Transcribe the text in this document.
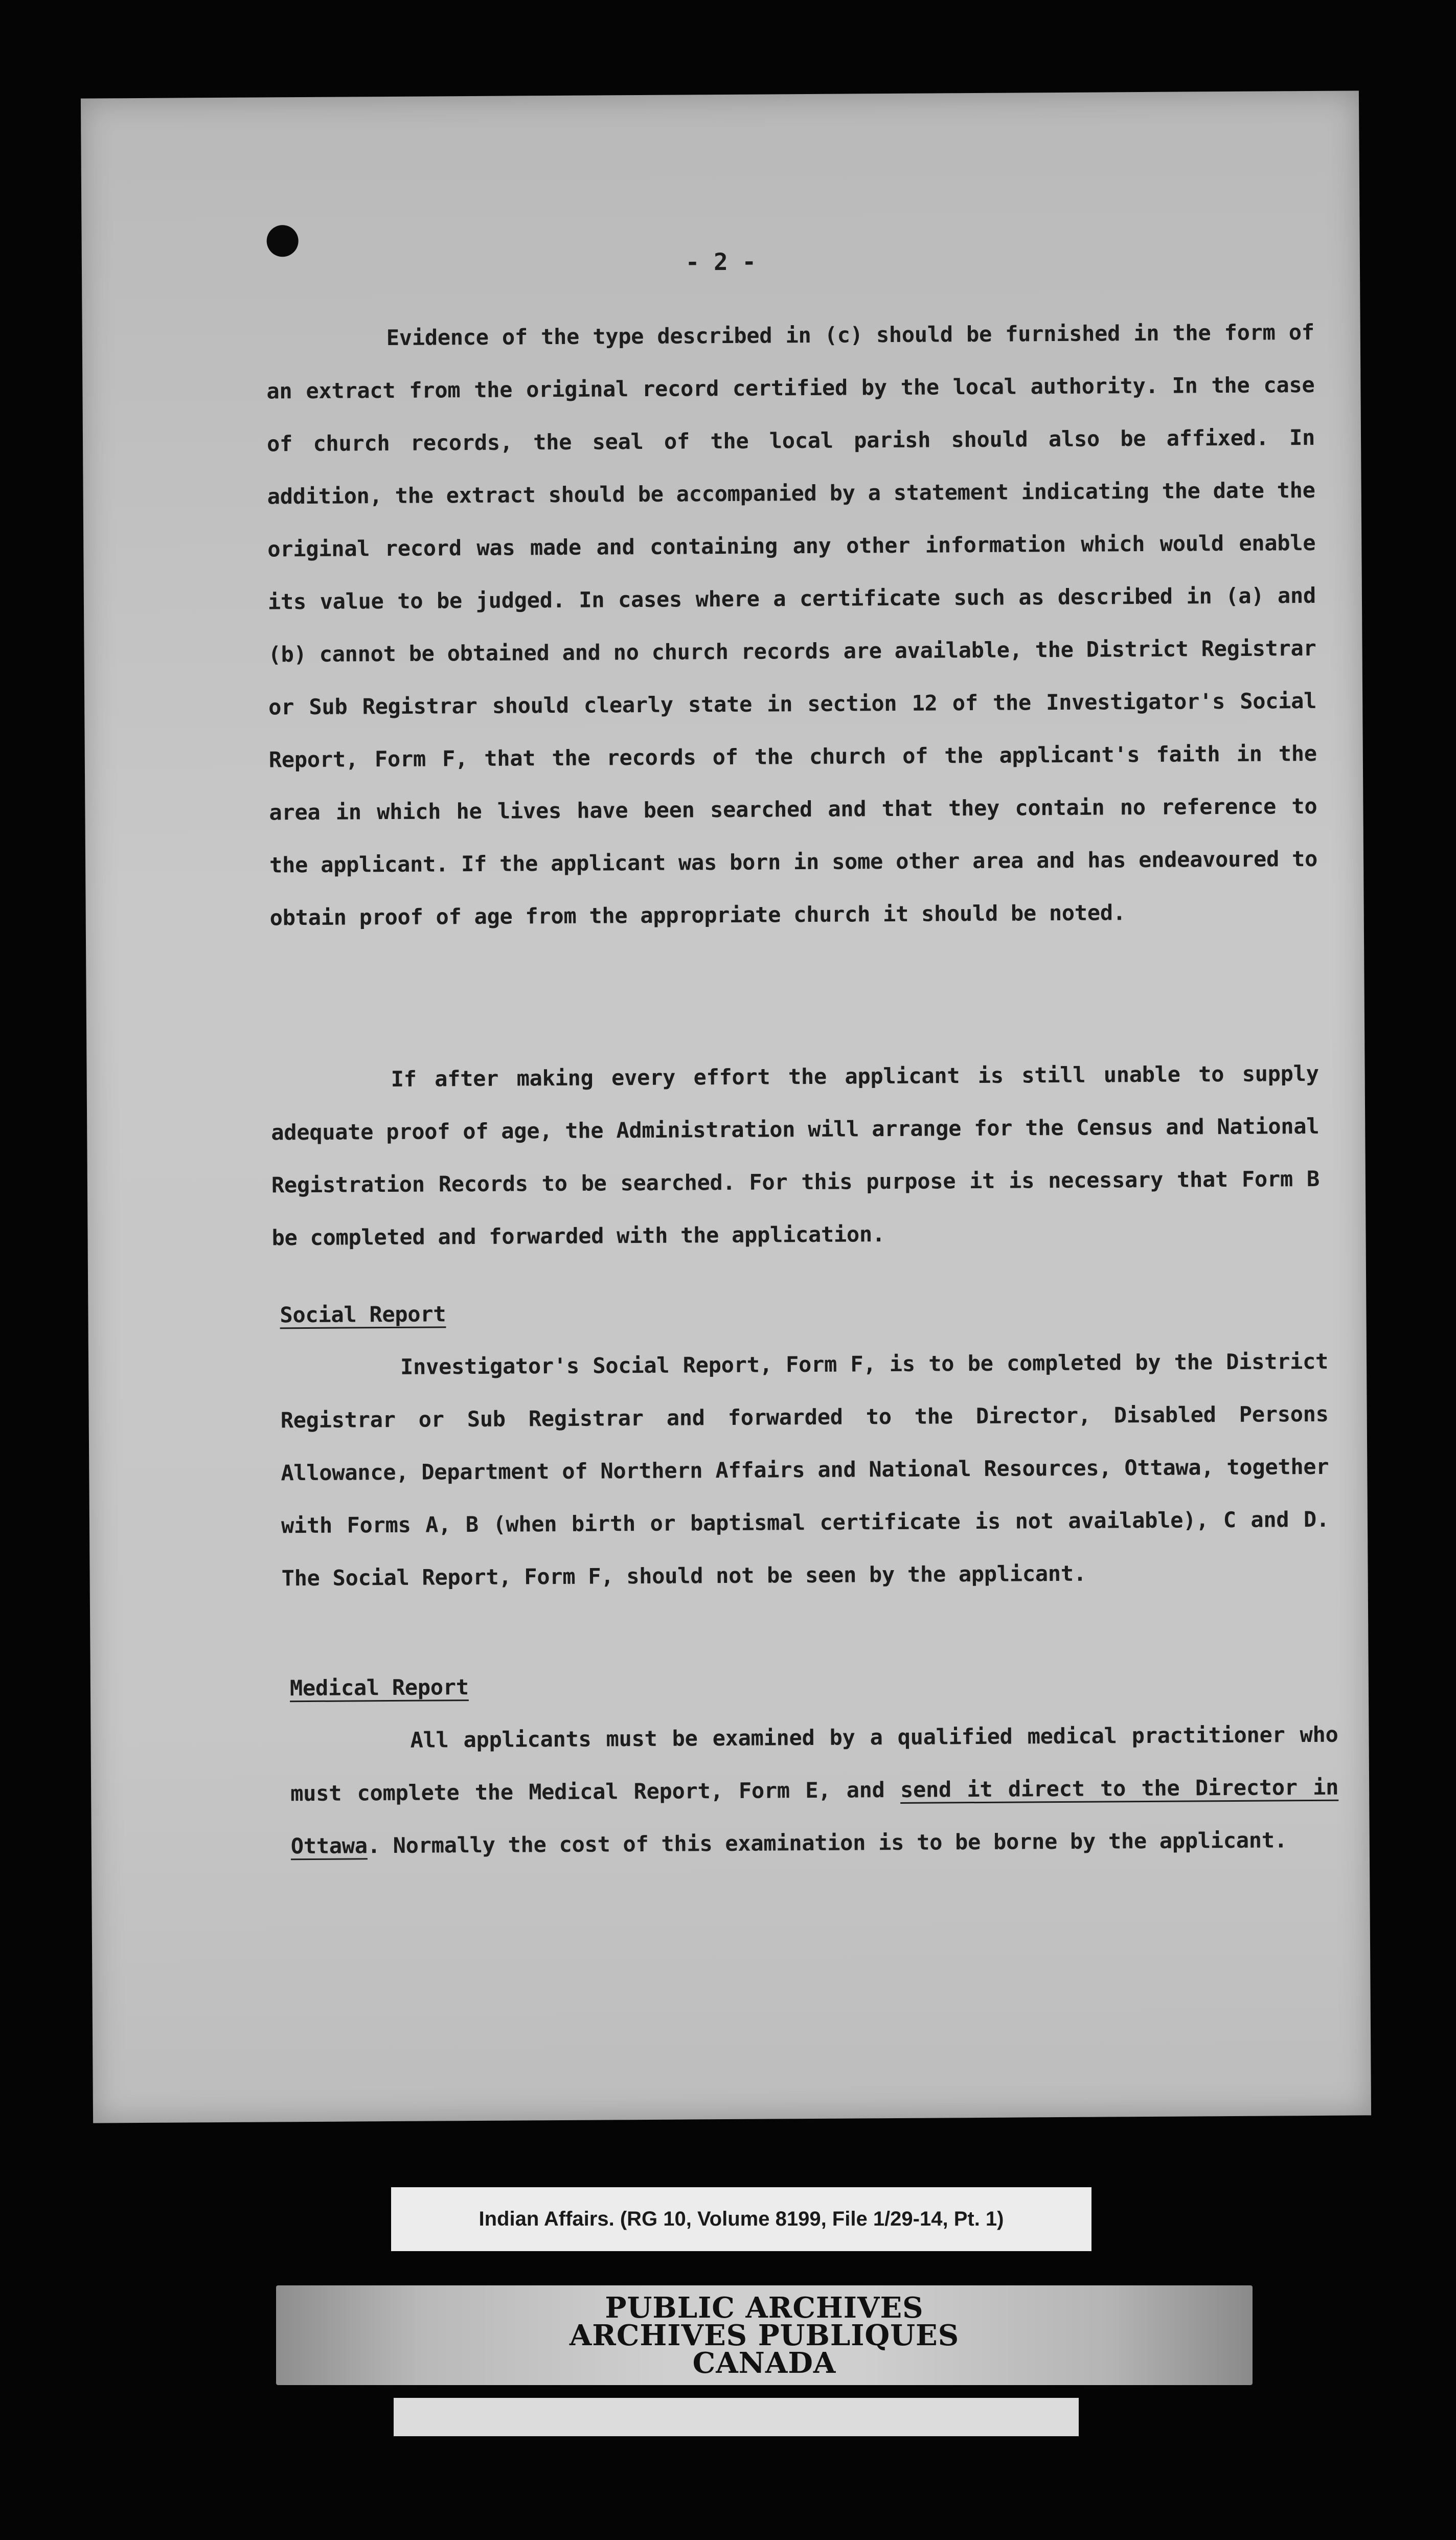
- 2 -

Evidence of the type described in (c) should be furnished in the form of an extract from the original record certified by the local authority. In the case of church records, the seal of the local parish should also be affixed. In addition, the extract should be accompanied by a statement indicating the date the original record was made and containing any other information which would enable its value to be judged. In cases where a certificate such as described in (a) and (b) cannot be obtained and no church records are available, the District Registrar or Sub Registrar should clearly state in section 12 of the Investigator's Social Report, Form F, that the records of the church of the applicant's faith in the area in which he lives have been searched and that they contain no reference to the applicant. If the applicant was born in some other area and has endeavoured to obtain proof of age from the appropriate church it should be noted.

If after making every effort the applicant is still unable to supply adequate proof of age, the Administration will arrange for the Census and National Registration Records to be searched. For this purpose it is necessary that Form B be completed and forwarded with the application.

Social Report

Investigator's Social Report, Form F, is to be completed by the District Registrar or Sub Registrar and forwarded to the Director, Disabled Persons Allowance, Department of Northern Affairs and National Resources, Ottawa, together with Forms A, B (when birth or baptismal certificate is not available), C and D. The Social Report, Form F, should not be seen by the applicant.

Medical Report

All applicants must be examined by a qualified medical practitioner who must complete the Medical Report, Form E, and send it direct to the Director in Ottawa. Normally the cost of this examination is to be borne by the applicant.

Indian Affairs. (RG 10, Volume 8199, File 1/29-14, Pt. 1)
PUBLIC ARCHIVES
ARCHIVES PUBLIQUES
CANADA
